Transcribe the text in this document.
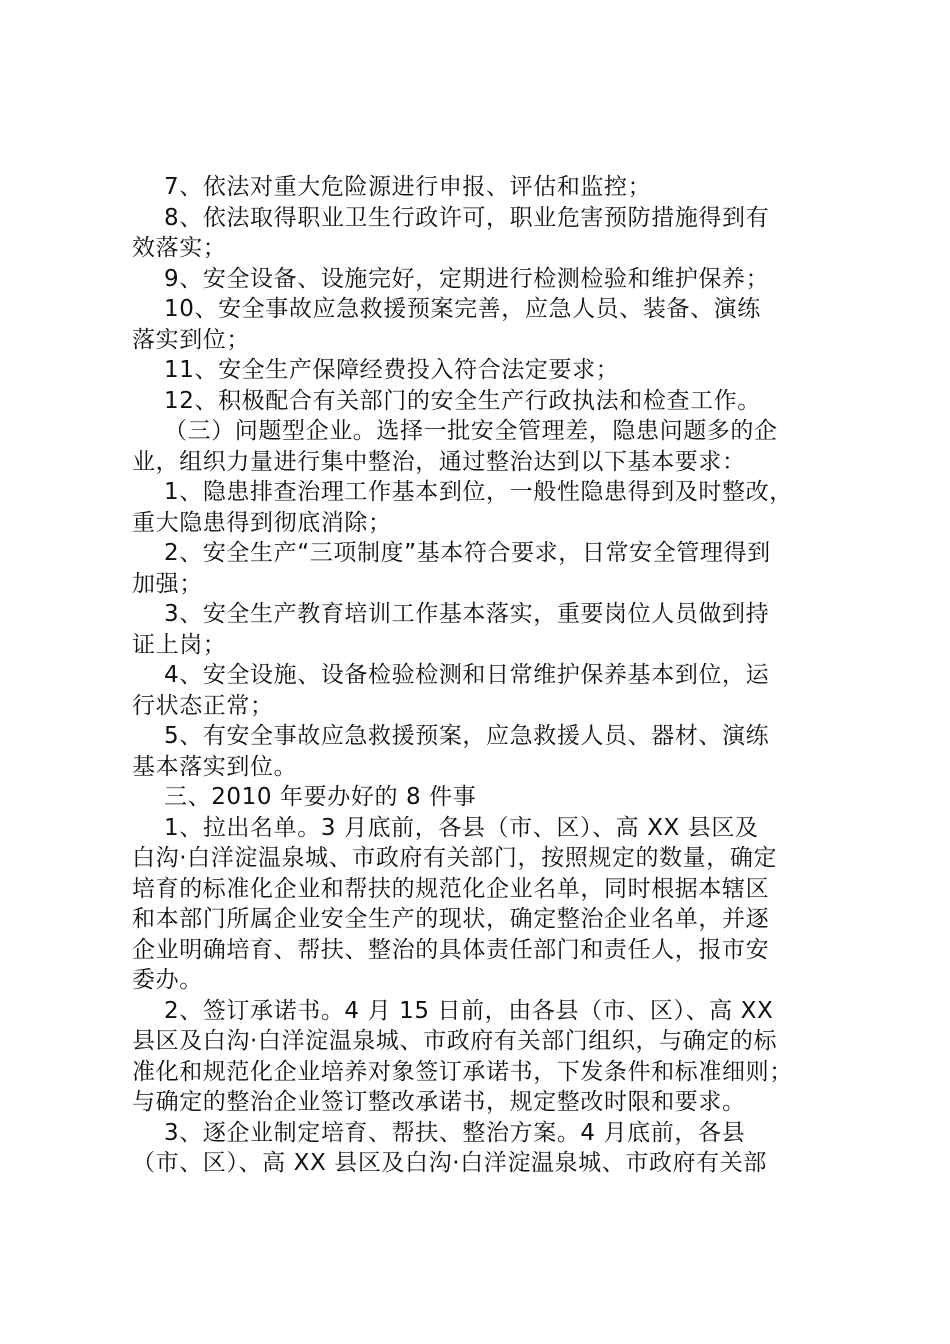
7、依法对重大危险源进行申报、评估和监控；
8、依法取得职业卫生行政许可，职业危害预防措施得到有
效落实；
9、安全设备、设施完好，定期进行检测检验和维护保养；
10、安全事故应急救援预案完善，应急人员、装备、演练
落实到位；
11、安全生产保障经费投入符合法定要求；
12、积极配合有关部门的安全生产行政执法和检查工作。
（三）问题型企业。选择一批安全管理差，隐患问题多的企
业，组织力量进行集中整治，通过整治达到以下基本要求：
1、隐患排查治理工作基本到位，一般性隐患得到及时整改，
重大隐患得到彻底消除；
2、安全生产“三项制度”基本符合要求，日常安全管理得到
加强；
3、安全生产教育培训工作基本落实，重要岗位人员做到持
证上岗；
4、安全设施、设备检验检测和日常维护保养基本到位，运
行状态正常；
5、有安全事故应急救援预案，应急救援人员、器材、演练
基本落实到位。
三、2010 年要办好的 8 件事
1、拉出名单。3 月底前，各县（市、区）、高 XX 县区及
白沟·白洋淀温泉城、市政府有关部门，按照规定的数量，确定
培育的标准化企业和帮扶的规范化企业名单，同时根据本辖区
和本部门所属企业安全生产的现状，确定整治企业名单，并逐
企业明确培育、帮扶、整治的具体责任部门和责任人，报市安
委办。
2、签订承诺书。4 月 15 日前，由各县（市、区）、高 XX
县区及白沟·白洋淀温泉城、市政府有关部门组织，与确定的标
准化和规范化企业培养对象签订承诺书，下发条件和标准细则；
与确定的整治企业签订整改承诺书，规定整改时限和要求。
3、逐企业制定培育、帮扶、整治方案。4 月底前，各县
（市、区）、高 XX 县区及白沟·白洋淀温泉城、市政府有关部
